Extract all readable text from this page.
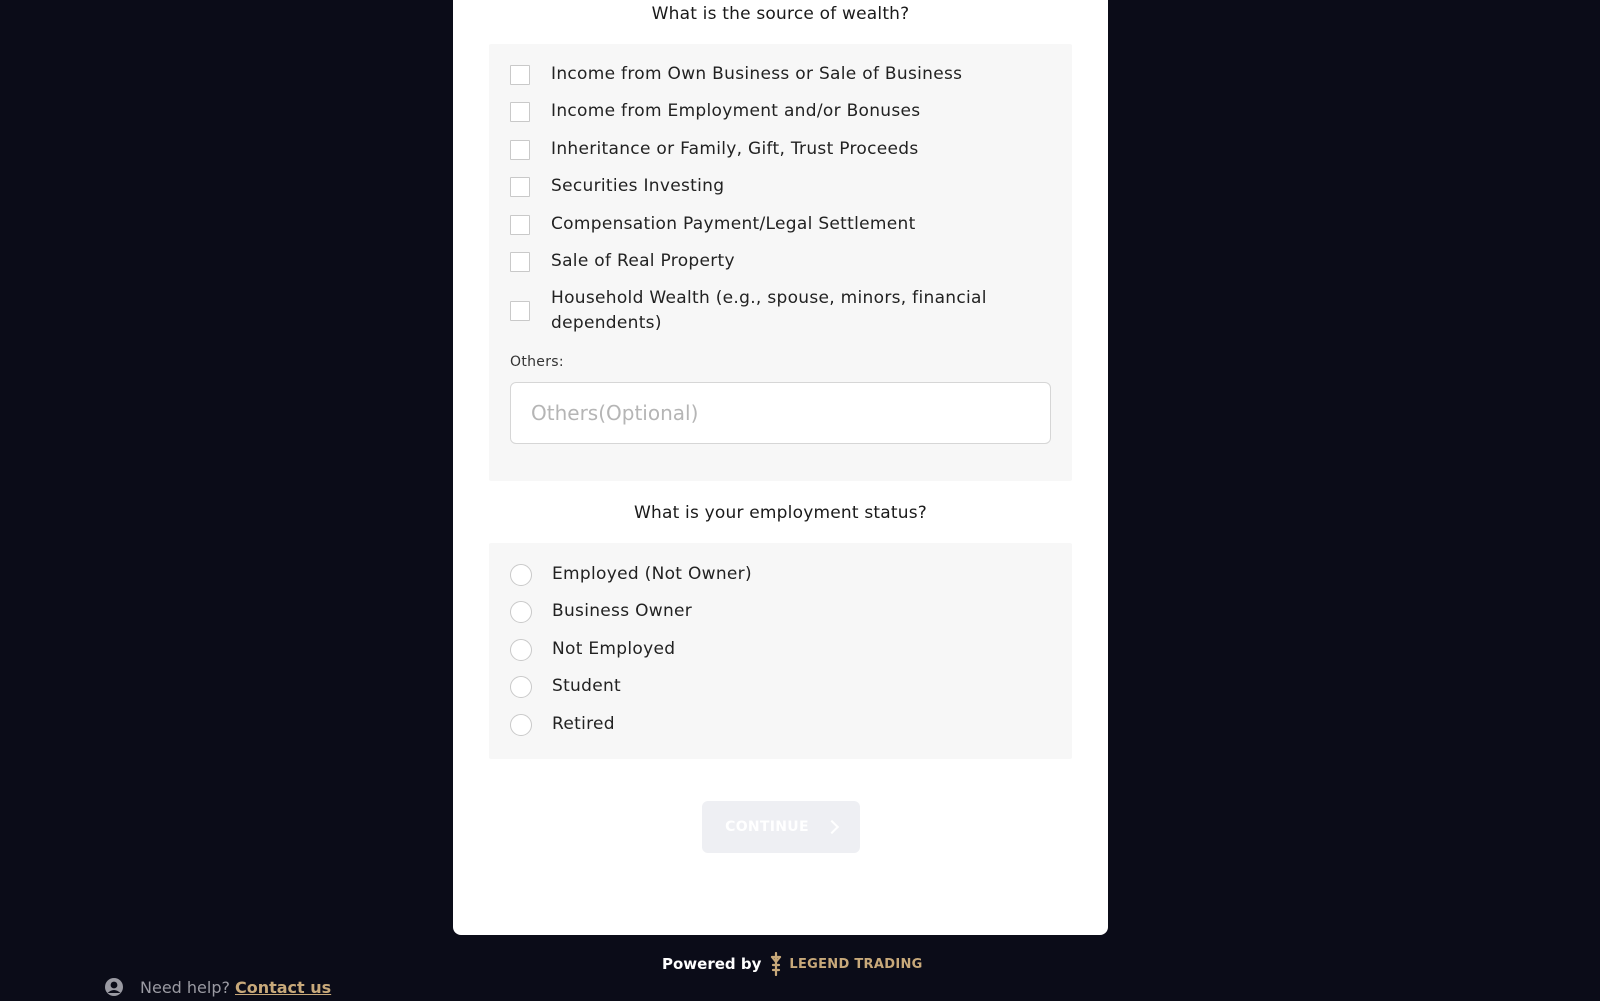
What is the source of wealth?
Income from Own Business or Sale of Business
Income from Employment and/or Bonuses
Inheritance or Family, Gift, Trust Proceeds
Securities Investing
Compensation Payment/Legal Settlement
Sale of Real Property
Household Wealth (e.g., spouse, minors, financial dependents)
Others:
Others(Optional)
What is your employment status?
Employed (Not Owner)
Business Owner
Not Employed
Student
Retired
CONTINUE
Powered by LEGEND TRADING
Need help? Contact us
